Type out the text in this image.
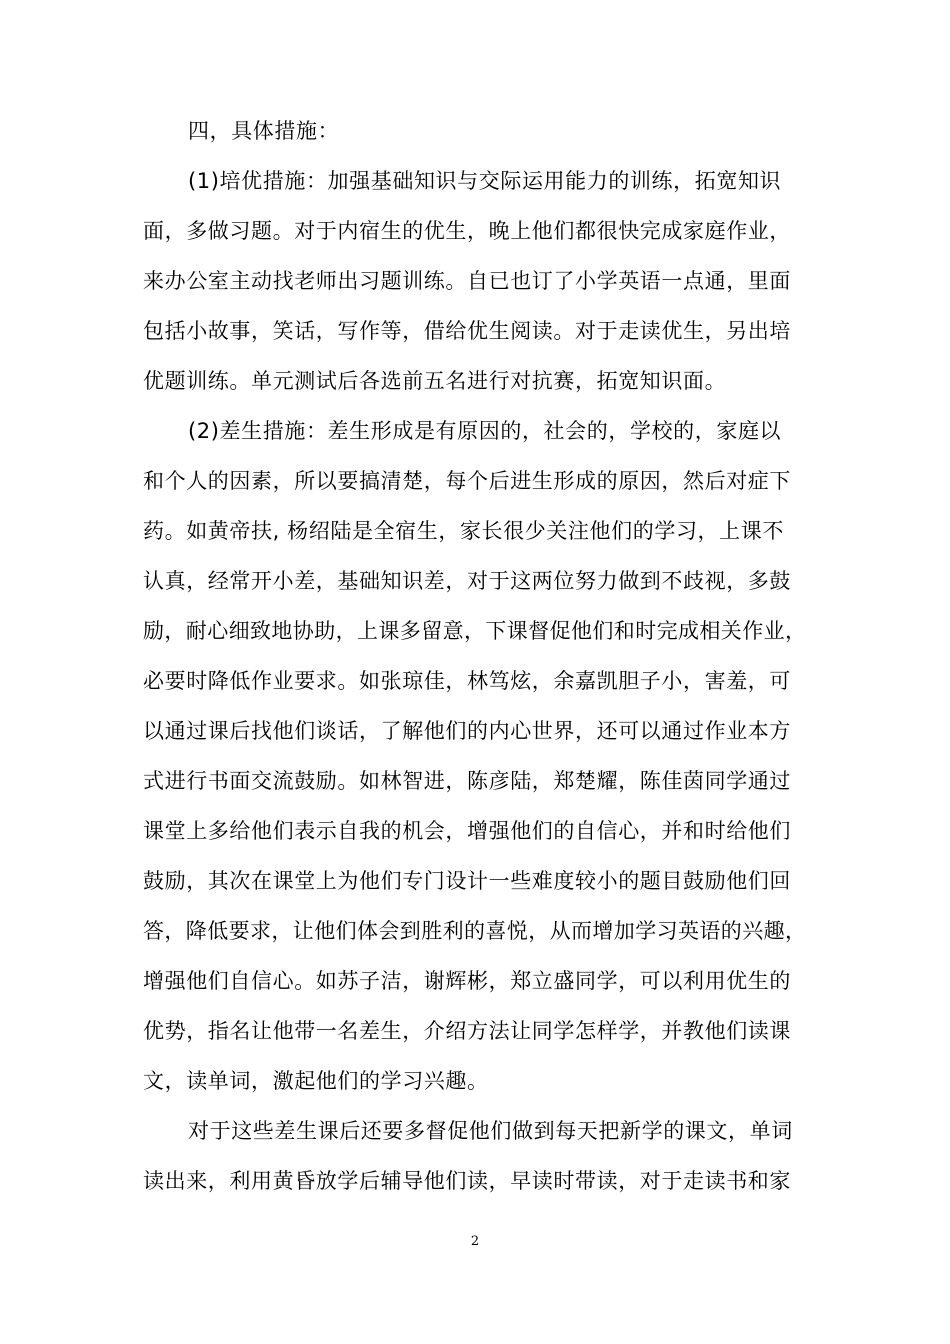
四，具体措施：
(1)培优措施：加强基础知识与交际运用能力的训练，拓宽知识
面，多做习题。对于内宿生的优生，晚上他们都很快完成家庭作业，
来办公室主动找老师出习题训练。自已也订了小学英语一点通，里面
包括小故事，笑话，写作等，借给优生阅读。对于走读优生，另出培
优题训练。单元测试后各选前五名进行对抗赛，拓宽知识面。
(2)差生措施：差生形成是有原因的，社会的，学校的，家庭以
和个人的因素，所以要搞清楚，每个后进生形成的原因，然后对症下
药。如黄帝扶, 杨绍陆是全宿生，家长很少关注他们的学习，上课不
认真，经常开小差，基础知识差，对于这两位努力做到不歧视，多鼓
励，耐心细致地协助，上课多留意，下课督促他们和时完成相关作业，
必要时降低作业要求。如张琼佳，林笃炫，余嘉凯胆子小，害羞，可
以通过课后找他们谈话，了解他们的内心世界，还可以通过作业本方
式进行书面交流鼓励。如林智进，陈彦陆，郑楚耀，陈佳茵同学通过
课堂上多给他们表示自我的机会，增强他们的自信心，并和时给他们
鼓励，其次在课堂上为他们专门设计一些难度较小的题目鼓励他们回
答，降低要求，让他们体会到胜利的喜悦，从而增加学习英语的兴趣，
增强他们自信心。如苏子洁，谢辉彬，郑立盛同学，可以利用优生的
优势，指名让他带一名差生，介绍方法让同学怎样学，并教他们读课
文，读单词，激起他们的学习兴趣。
对于这些差生课后还要多督促他们做到每天把新学的课文，单词
读出来，利用黄昏放学后辅导他们读，早读时带读，对于走读书和家
2
